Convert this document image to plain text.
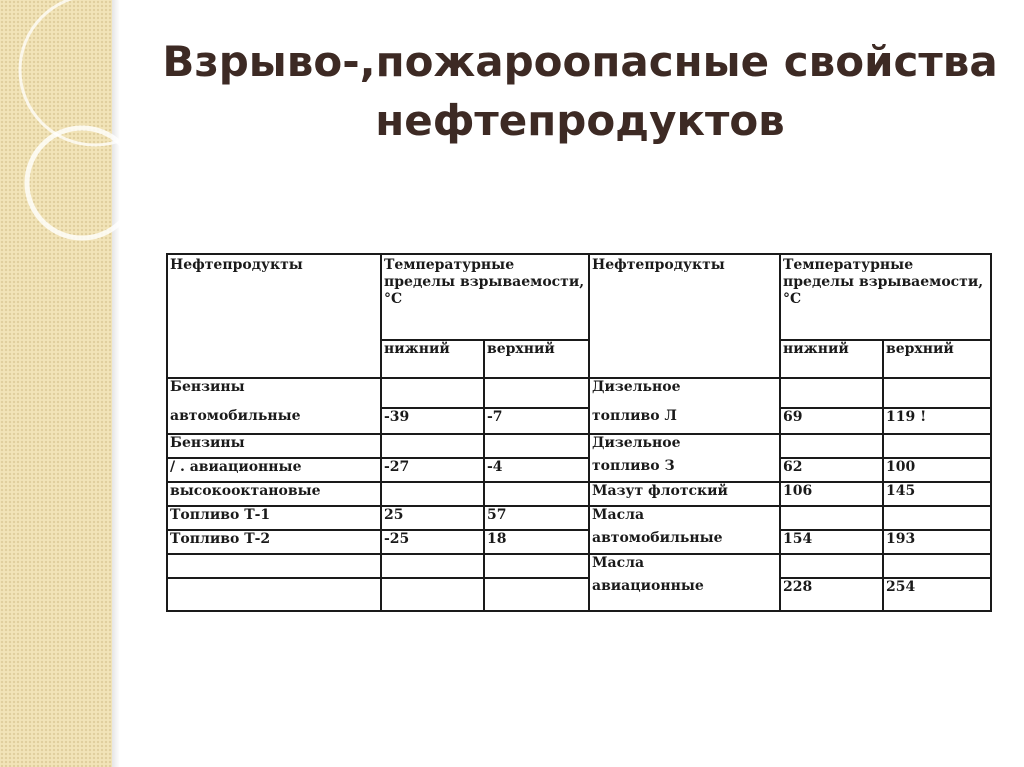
Взрыво-,пожароопасные свойства
нефтепродуктов
Нефтепродукты	Температурные пределы взрываемости, °С		Нефтепродукты	Температурные пределы взрываемости, °С	
	нижний	верхний		нижний	верхний
Бензины			Дизельное		
автомобильные	-39	-7	топливо Л	69	119 !
Бензины			Дизельное		
/ . авиационные	-27	-4	топливо З	62	100
высокооктановые			Мазут флотский	106	145
Топливо Т-1	25	57	Масла		
Топливо Т-2	-25	18	автомобильные	154	193
			Масла		
			авиационные	228	254
